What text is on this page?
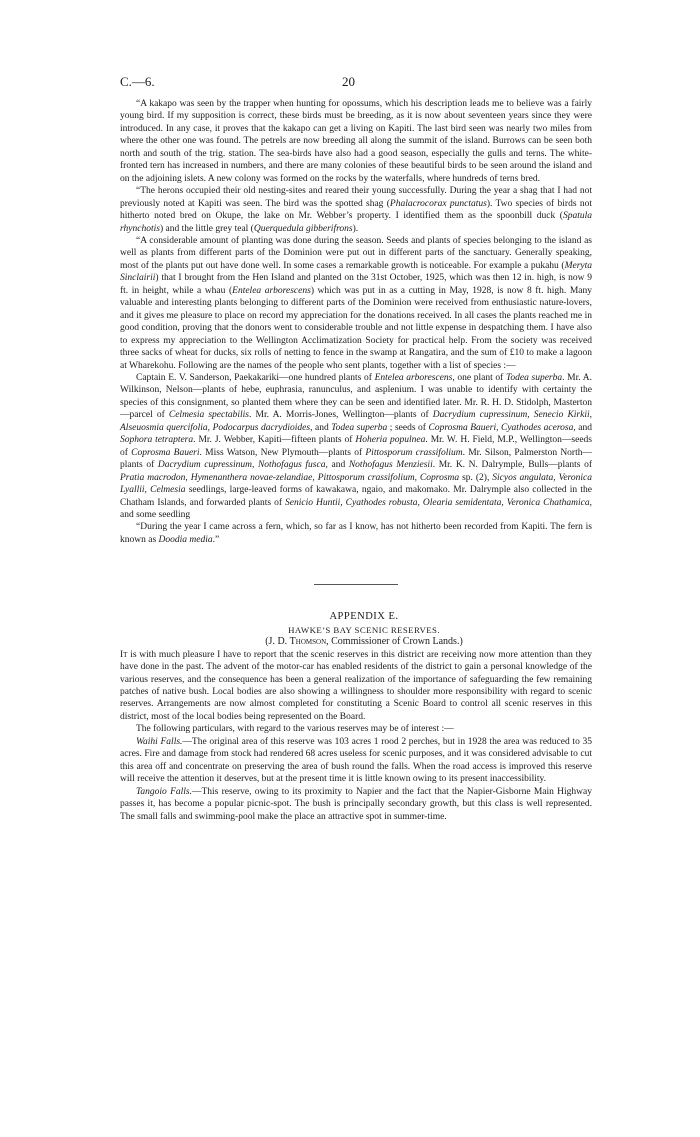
C.—6.	20

“A kakapo was seen by the trapper when hunting for opossums, which his description leads me to believe was a fairly young bird. If my supposition is correct, these birds must be breeding, as it is now about seventeen years since they were introduced. In any case, it proves that the kakapo can get a living on Kapiti. The last bird seen was nearly two miles from where the other one was found. The petrels are now breeding all along the summit of the island. Burrows can be seen both north and south of the trig. station. The sea-birds have also had a good season, especially the gulls and terns. The white-fronted tern has increased in numbers, and there are many colonies of these beautiful birds to be seen around the island and on the adjoining islets. A new colony was formed on the rocks by the waterfalls, where hundreds of terns bred.

“The herons occupied their old nesting-sites and reared their young successfully. During the year a shag that I had not previously noted at Kapiti was seen. The bird was the spotted shag (Phalacrocorax punctatus). Two species of birds not hitherto noted bred on Okupe, the lake on Mr. Webber’s property. I identified them as the spoonbill duck (Spatula rhynchotis) and the little grey teal (Querquedula gibberifrons).

“A considerable amount of planting was done during the season. Seeds and plants of species belonging to the island as well as plants from different parts of the Dominion were put out in different parts of the sanctuary. Generally speaking, most of the plants put out have done well. In some cases a remarkable growth is noticeable. For example a pukahu (Meryta Sinclairii) that I brought from the Hen Island and planted on the 31st October, 1925, which was then 12 in. high, is now 9 ft. in height, while a whau (Entelea arborescens) which was put in as a cutting in May, 1928, is now 8 ft. high. Many valuable and interesting plants belonging to different parts of the Dominion were received from enthusiastic nature-lovers, and it gives me pleasure to place on record my appreciation for the donations received. In all cases the plants reached me in good condition, proving that the donors went to considerable trouble and not little expense in despatching them. I have also to express my appreciation to the Wellington Acclimatization Society for practical help. From the society was received three sacks of wheat for ducks, six rolls of netting to fence in the swamp at Rangatira, and the sum of £10 to make a lagoon at Wharekohu. Following are the names of the people who sent plants, together with a list of species :—

Captain E. V. Sanderson, Paekakariki—one hundred plants of Entelea arborescens, one plant of Todea superba. Mr. A. Wilkinson, Nelson—plants of hebe, euphrasia, ranunculus, and asplenium. I was unable to identify with certainty the species of this consignment, so planted them where they can be seen and identified later. Mr. R. H. D. Stidolph, Masterton—parcel of Celmesia spectabilis. Mr. A. Morris-Jones, Wellington—plants of Dacrydium cupressinum, Senecio Kirkii, Alseuosmia quercifolia, Podocarpus dacrydioides, and Todea superba ; seeds of Coprosma Baueri, Cyathodes acerosa, and Sophora tetraptera. Mr. J. Webber, Kapiti—fifteen plants of Hoheria populnea. Mr. W. H. Field, M.P., Wellington—seeds of Coprosma Baueri. Miss Watson, New Plymouth—plants of Pittosporum crassifolium. Mr. Silson, Palmerston North—plants of Dacrydium cupressinum, Nothofagus fusca, and Nothofagus Menziesii. Mr. K. N. Dalrymple, Bulls—plants of Pratia macrodon, Hymenanthera novae-zelandiae, Pittosporum crassifolium, Coprosma sp. (2), Sicyos angulata, Veronica Lyallii, Celmesia seedlings, large-leaved forms of kawakawa, ngaio, and makomako. Mr. Dalrymple also collected in the Chatham Islands, and forwarded plants of Senicio Huntii, Cyathodes robusta, Olearia semidentata, Veronica Chathamica, and some seedling

“During the year I came across a fern, which, so far as I know, has not hitherto been recorded from Kapiti. The fern is known as Doodia media.”

APPENDIX E.

HAWKE’S BAY SCENIC RESERVES.

(J. D. Thomson, Commissioner of Crown Lands.)

It is with much pleasure I have to report that the scenic reserves in this district are receiving now more attention than they have done in the past. The advent of the motor-car has enabled residents of the district to gain a personal knowledge of the various reserves, and the consequence has been a general realization of the importance of safeguarding the few remaining patches of native bush. Local bodies are also showing a willingness to shoulder more responsibility with regard to scenic reserves. Arrangements are now almost completed for constituting a Scenic Board to control all scenic reserves in this district, most of the local bodies being represented on the Board.

The following particulars, with regard to the various reserves may be of interest :—

Waihi Falls.—The original area of this reserve was 103 acres 1 rood 2 perches, but in 1928 the area was reduced to 35 acres. Fire and damage from stock had rendered 68 acres useless for scenic purposes, and it was considered advisable to cut this area off and concentrate on preserving the area of bush round the falls. When the road access is improved this reserve will receive the attention it deserves, but at the present time it is little known owing to its present inaccessibility.

Tangoio Falls.—This reserve, owing to its proximity to Napier and the fact that the Napier-Gisborne Main Highway passes it, has become a popular picnic-spot. The bush is principally secondary growth, but this class is well represented. The small falls and swimming-pool make the place an attractive spot in summer-time.
